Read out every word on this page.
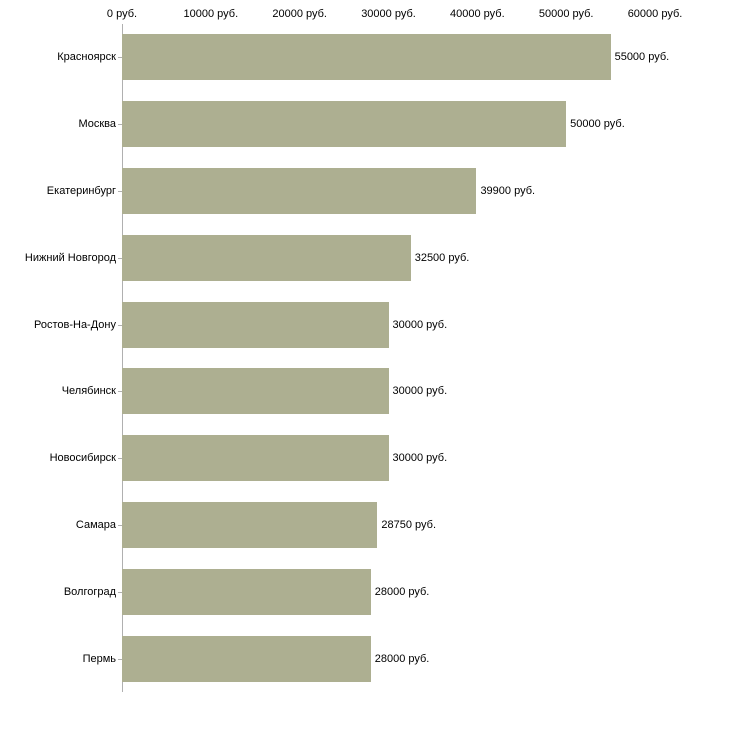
0 руб.	10000 руб.	20000 руб.	30000 руб.	40000 руб.	50000 руб.	60000 руб.
55000 руб.
50000 руб.
39900 руб.
32500 руб.
30000 руб.
30000 руб.
30000 руб.
28750 руб.
28000 руб.
28000 руб.
Красноярск
Москва
Екатеринбург
Нижний Новгород
Ростов-На-Дону
Челябинск
Новосибирск
Самара
Волгоград
Пермь
